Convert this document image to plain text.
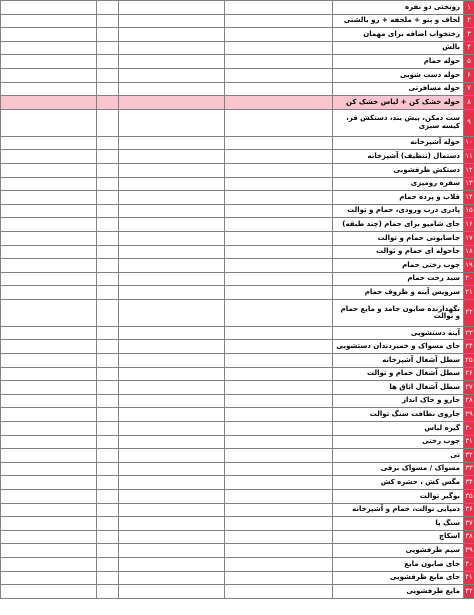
۱	روتختی دو نفره				
۲	لحاف و پتو + ملحفه + رو بالشتی				
۳	رختخواب اضافه برای مهمان				
۴	بالش				
۵	حوله حمام				
۶	حوله دست شویی				
۷	حوله مسافرتی				
۸	حوله خشک کن + لباس خشک کن				
۹	ست دمکن، پیش بند، دستکش فر، کیسه سبزی				
۱۰	حوله آشپزخانه				
۱۱	دستمال (تنظیف) آشپزخانه				
۱۲	دستکش ظرفشویی				
۱۳	سفره رومیزی				
۱۴	قلاب و پرده حمام				
۱۵	پادری درب ورودی، حمام و توالت				
۱۶	جای شامپو برای حمام (چند طبقه)				
۱۷	جاصابونی حمام و توالت				
۱۸	جاحوله ای حمام و توالت				
۱۹	چوب رختی حمام				
۲۰	سبد رخت حمام				
۲۱	سرویس آینه و ظروف حمام				
۲۲	نگهدارنده صابون جامد و مایع حمام و توالت				
۲۳	آینه دستشویی				
۲۴	جای مسواک و خمیردندان دستشویی				
۲۵	سطل آشغال آشپزخانه				
۲۶	سطل آشغال حمام و توالت				
۲۷	سطل آشغال اتاق ها				
۲۸	جارو و خاک انداز				
۲۹	جاروی نظافت سنگ توالت				
۳۰	گیره لباس				
۳۱	چوب رختی				
۳۲	تی				
۳۳	مسواک / مسواک برقی				
۳۴	مگس کش ، حشره کش				
۳۵	بوگیر توالت				
۳۶	دمپایی توالت، حمام و آشپزخانه				
۳۷	سنگ پا				
۳۸	اسکاچ				
۳۹	سیم ظرفشویی				
۴۰	جای صابون مایع				
۴۱	جای مایع ظرفشویی				
۴۲	مایع ظرفشویی				
